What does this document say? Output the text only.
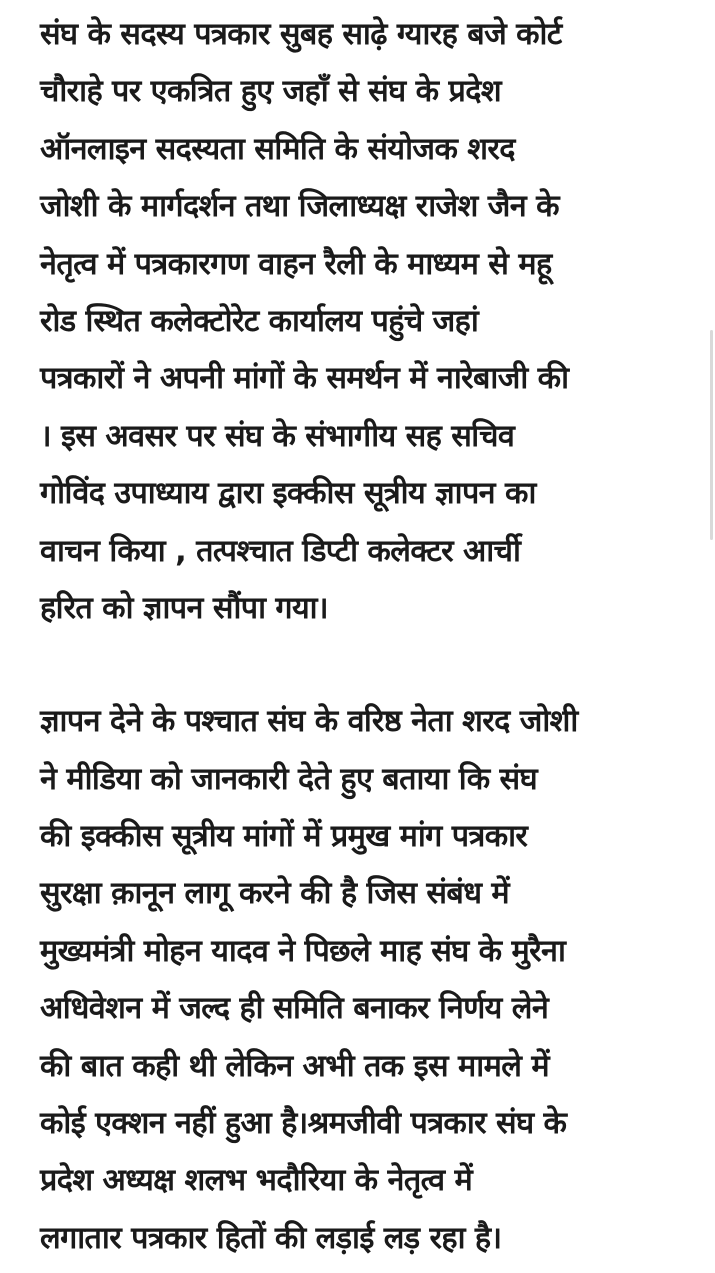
संघ के सदस्य पत्रकार सुबह साढ़े ग्यारह बजे कोर्ट
चौराहे पर एकत्रित हुए जहाँ से संघ के प्रदेश
ऑनलाइन सदस्यता समिति के संयोजक शरद
जोशी के मार्गदर्शन तथा जिलाध्यक्ष राजेश जैन के
नेतृत्व में पत्रकारगण वाहन रैली के माध्यम से महू
रोड स्थित कलेक्टोरेट कार्यालय पहुंचे जहां
पत्रकारों ने अपनी मांगों के समर्थन में नारेबाजी की
। इस अवसर पर संघ के संभागीय सह सचिव
गोविंद उपाध्याय द्वारा इक्कीस सूत्रीय ज्ञापन का
वाचन किया , तत्पश्चात डिप्टी कलेक्टर आर्ची
हरित को ज्ञापन सौंपा गया।
ज्ञापन देने के पश्चात संघ के वरिष्ठ नेता शरद जोशी
ने मीडिया को जानकारी देते हुए बताया कि संघ
की इक्कीस सूत्रीय मांगों में प्रमुख मांग पत्रकार
सुरक्षा क़ानून लागू करने की है जिस संबंध में
मुख्यमंत्री मोहन यादव ने पिछले माह संघ के मुरैना
अधिवेशन में जल्द ही समिति बनाकर निर्णय लेने
की बात कही थी लेकिन अभी तक इस मामले में
कोई एक्शन नहीं हुआ है।श्रमजीवी पत्रकार संघ के
प्रदेश अध्यक्ष शलभ भदौरिया के नेतृत्व में
लगातार पत्रकार हितों की लड़ाई लड़ रहा है।
